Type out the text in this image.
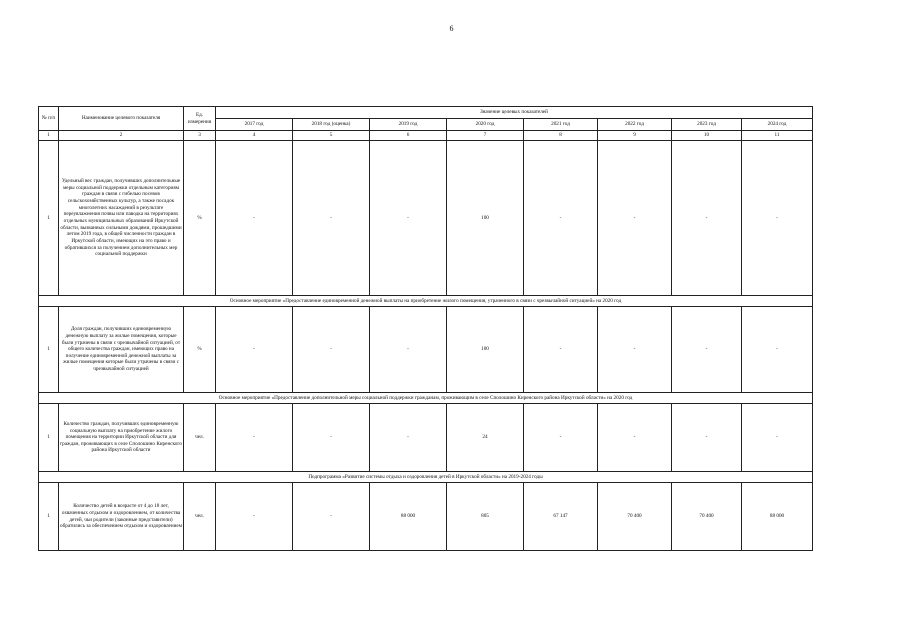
6
№ п/п	Наименование целевого показателя	Ед. измерения	Значение целевых показателей							
			2017 год	2018 год (оценка)	2019 год	2020 год	2021 год	2022 год	2023 год	2024 год
1	2	3	4	5	6	7	8	9	10	11
1	Удельный вес граждан, получивших дополнительные меры социальной поддержки отдельным категориям граждан в связи с гибелью посевов сельскохозяйственных культур, а также посадок многолетних насаждений в результате переувлажнения почвы или паводка на территориях отдельных муниципальных образований Иркутской области, вызванных сильными дождями, прошедшими летом 2019 года, в общей численности граждан в Иркутской области, имеющих на это право и обратившихся за получением дополнительных мер социальной поддержки	%	-	-	-	100	-	-	-	-
Основное мероприятие «Предоставление единовременной денежной выплаты на приобретение жилого помещения, утраченного в связи с чрезвычайной ситуацией» на 2020 год										
1	Доля граждан, получивших единовременную денежную выплату за жилые помещения, которые были утрачены в связи с чрезвычайной ситуацией, от общего количества граждан, имеющих право на получение единовременной денежной выплаты за жилые помещения которые были утрачены в связи с чрезвычайной ситуацией	%	-	-	-	100	-	-	-	-
Основное мероприятие «Предоставление дополнительной меры социальной поддержки гражданам, проживающим в селе Сполошино Киренского района Иркутской области» на 2020 год										
1	Количество граждан, получивших единовременную социальную выплату на приобретение жилого помещения на территории Иркутской области для граждан, проживающих в селе Сполошино Киренского района Иркутской области	чел.	-	-	-	24	-	-	-	-
Подпрограмма «Развитие системы отдыха и оздоровления детей в Иркутской области» на 2019-2024 годы										
1	Количество детей в возрасте от 4 до 18 лет, охваченных отдыхом и оздоровлением, от количества детей, чьи родители (законные представители) обратились за обеспечением отдыхом и оздоровлением	чел.	-	-	88 000	805	67 147	70 400	70 400	88 000
